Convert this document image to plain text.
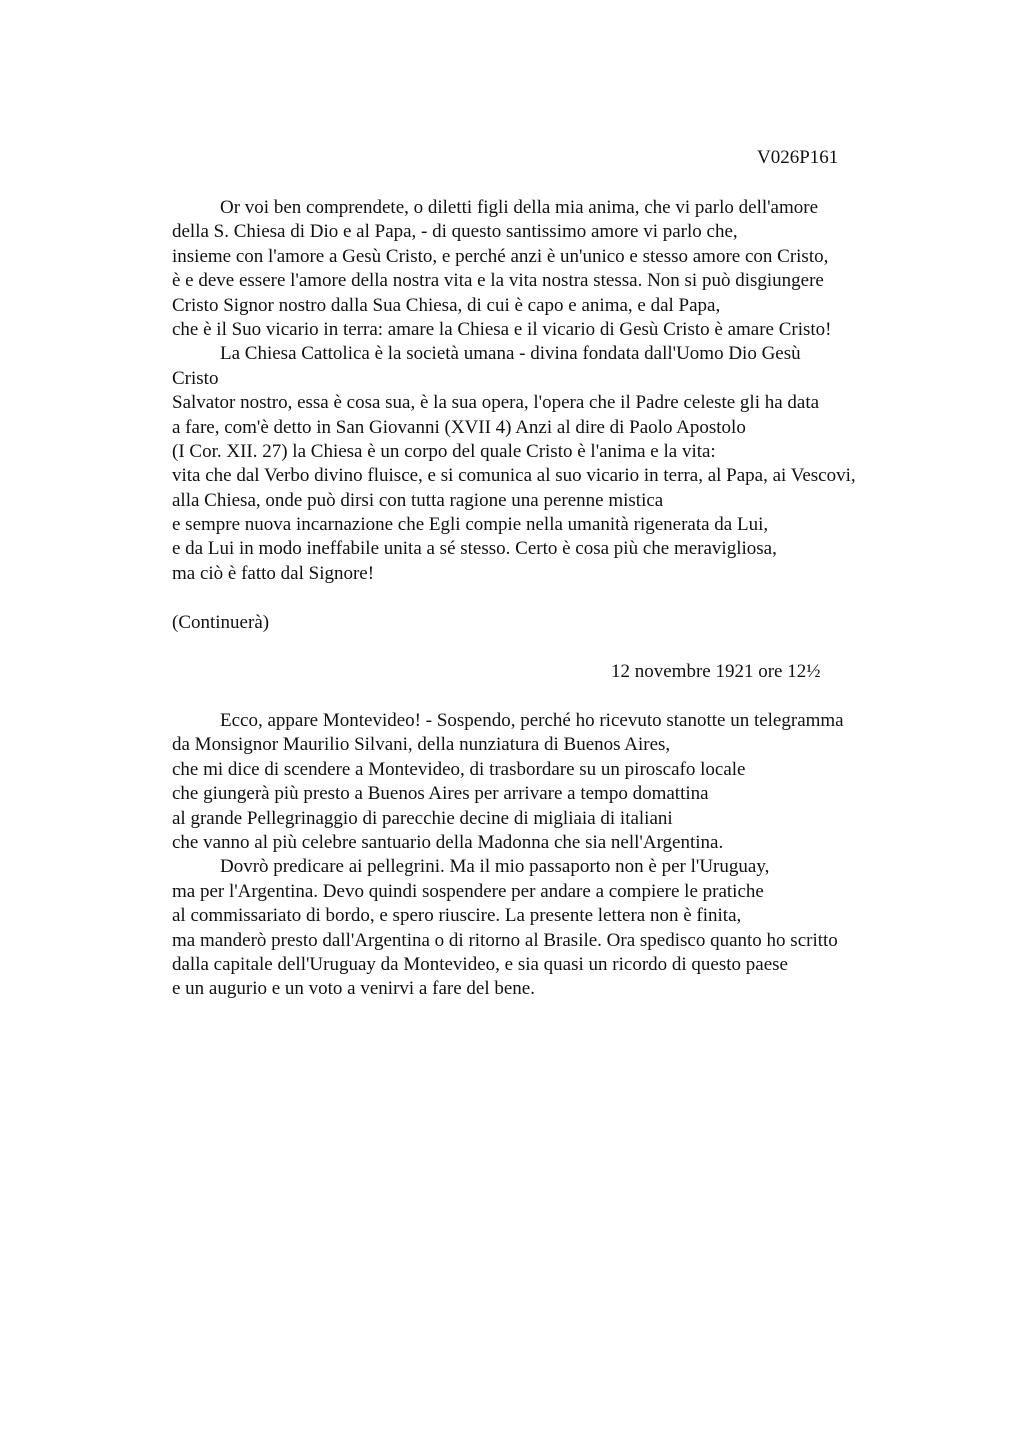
V026P161
Or voi ben comprendete, o diletti figli della mia anima, che vi parlo dell'amore
della S. Chiesa di Dio e al Papa, - di questo santissimo amore vi parlo che,
insieme con l'amore a Gesù Cristo, e perché anzi è un'unico e stesso amore con Cristo,
è e deve essere l'amore della nostra vita e la vita nostra stessa. Non si può disgiungere
Cristo Signor nostro dalla Sua Chiesa, di cui è capo e anima, e dal Papa,
che è il Suo vicario in terra: amare la Chiesa e il vicario di Gesù Cristo è amare Cristo!
La Chiesa Cattolica è la società umana - divina fondata dall'Uomo Dio Gesù
Cristo
Salvator nostro, essa è cosa sua, è la sua opera, l'opera che il Padre celeste gli ha data
a fare, com'è detto in San Giovanni (XVII 4) Anzi al dire di Paolo Apostolo
(I Cor. XII. 27) la Chiesa è un corpo del quale Cristo è l'anima e la vita:
vita che dal Verbo divino fluisce, e si comunica al suo vicario in terra, al Papa, ai Vescovi,
alla Chiesa, onde può dirsi con tutta ragione una perenne mistica
e sempre nuova incarnazione che Egli compie nella umanità rigenerata da Lui,
e da Lui in modo ineffabile unita a sé stesso. Certo è cosa più che meravigliosa,
ma ciò è fatto dal Signore!
(Continuerà)
12 novembre 1921 ore 12½
Ecco, appare Montevideo! - Sospendo, perché ho ricevuto stanotte un telegramma
da Monsignor Maurilio Silvani, della nunziatura di Buenos Aires,
che mi dice di scendere a Montevideo, di trasbordare su un piroscafo locale
che giungerà più presto a Buenos Aires per arrivare a tempo domattina
al grande Pellegrinaggio di parecchie decine di migliaia di italiani
che vanno al più celebre santuario della Madonna che sia nell'Argentina.
Dovrò predicare ai pellegrini. Ma il mio passaporto non è per l'Uruguay,
ma per l'Argentina. Devo quindi sospendere per andare a compiere le pratiche
al commissariato di bordo, e spero riuscire. La presente lettera non è finita,
ma manderò presto dall'Argentina o di ritorno al Brasile. Ora spedisco quanto ho scritto
dalla capitale dell'Uruguay da Montevideo, e sia quasi un ricordo di questo paese
e un augurio e un voto a venirvi a fare del bene.
